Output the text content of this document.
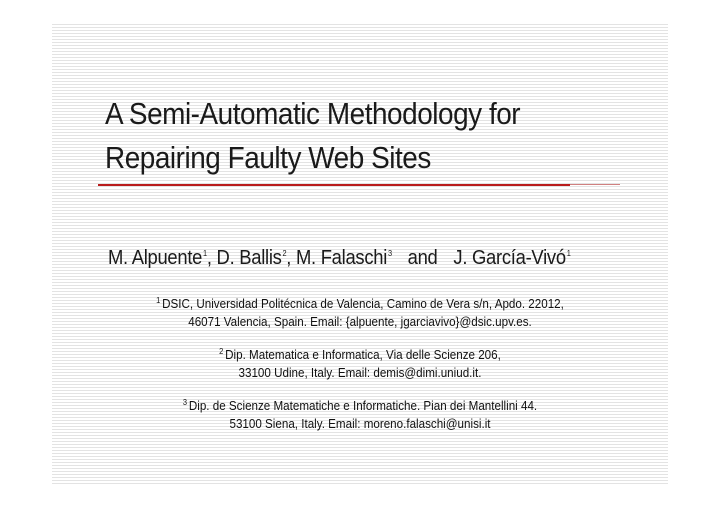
A Semi-Automatic Methodology for
Repairing Faulty Web Sites
M. Alpuente$^1$, D. Ballis$^2$, M. Falaschi$^3$ and J. García-Vivó$^1$
$^1$ DSIC, Universidad Politécnica de Valencia, Camino de Vera s/n, Apdo. 22012,
46071 Valencia, Spain. Email: {alpuente, jgarciavivo}@dsic.upv.es.
$^2$ Dip. Matematica e Informatica, Via delle Scienze 206,
33100 Udine, Italy. Email: demis@dimi.uniud.it.
$^3$ Dip. de Scienze Matematiche e Informatiche. Pian dei Mantellini 44.
53100 Siena, Italy. Email: moreno.falaschi@unisi.it
